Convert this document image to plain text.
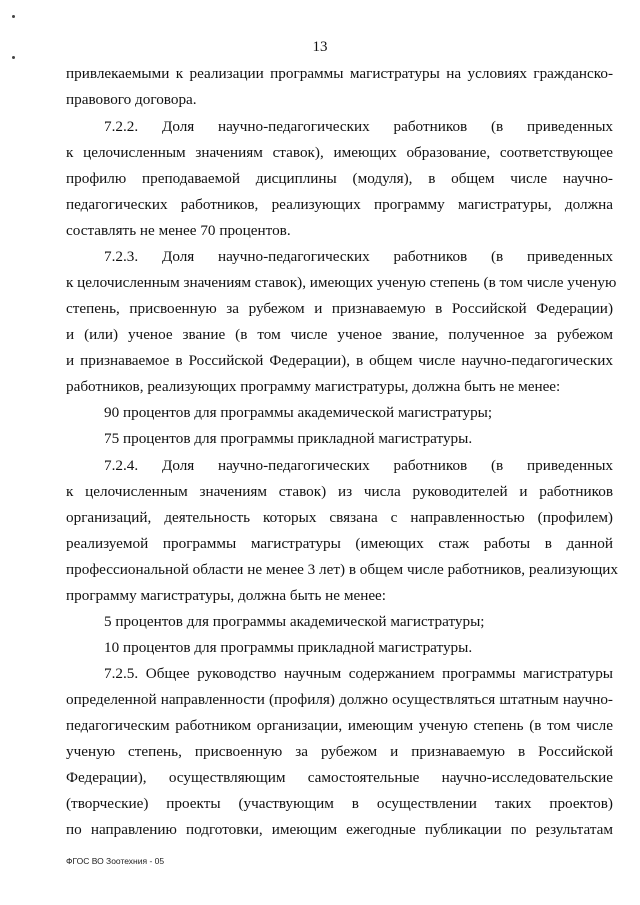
13
привлекаемыми к реализации программы магистратуры на условиях гражданско-
правового договора.
7.2.2. Доля научно-педагогических работников (в приведенных
к целочисленным значениям ставок), имеющих образование, соответствующее
профилю преподаваемой дисциплины (модуля), в общем числе научно-
педагогических работников, реализующих программу магистратуры, должна
составлять не менее 70 процентов.
7.2.3. Доля научно-педагогических работников (в приведенных
к целочисленным значениям ставок), имеющих ученую степень (в том числе ученую
степень, присвоенную за рубежом и признаваемую в Российской Федерации)
и (или) ученое звание (в том числе ученое звание, полученное за рубежом
и признаваемое в Российской Федерации), в общем числе научно-педагогических
работников, реализующих программу магистратуры, должна быть не менее:
90 процентов для программы академической магистратуры;
75 процентов для программы прикладной магистратуры.
7.2.4. Доля научно-педагогических работников (в приведенных
к целочисленным значениям ставок) из числа руководителей и работников
организаций, деятельность которых связана с направленностью (профилем)
реализуемой программы магистратуры (имеющих стаж работы в данной
профессиональной области не менее 3 лет) в общем числе работников, реализующих
программу магистратуры, должна быть не менее:
5 процентов для программы академической магистратуры;
10 процентов для программы прикладной магистратуры.
7.2.5. Общее руководство научным содержанием программы магистратуры
определенной направленности (профиля) должно осуществляться штатным научно-
педагогическим работником организации, имеющим ученую степень (в том числе
ученую степень, присвоенную за рубежом и признаваемую в Российской
Федерации), осуществляющим самостоятельные научно-исследовательские
(творческие) проекты (участвующим в осуществлении таких проектов)
по направлению подготовки, имеющим ежегодные публикации по результатам
ФГОС ВО Зоотехния - 05
